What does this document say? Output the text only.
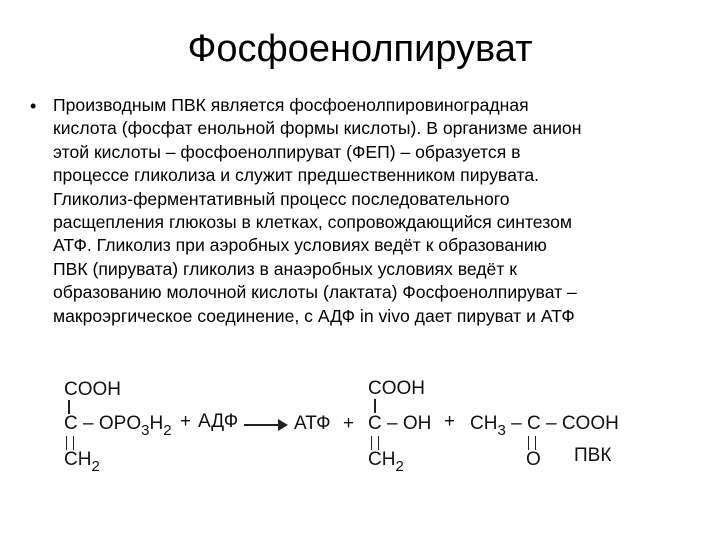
Фосфоенолпируват
• Производным ПВК является фосфоенолпировиноградная
кислота (фосфат енольной формы кислоты). В организме анион
этой кислоты – фосфоенолпируват (ФЕП) – образуется в
процессе гликолиза и служит предшественником пирувата.
Гликолиз-ферментативный процесс последовательного
расщепления глюкозы в клетках, сопровождающийся синтезом
АТФ. Гликолиз при аэробных условиях ведёт к образованию
ПВК (пирувата) гликолиз в анаэробных условиях ведёт к
образованию молочной кислоты (лактата) Фосфоенолпируват –
макроэргическое соединение, с АДФ in vivo дает пируват и АТФ
COOH
C – $OPO_3H_2$
$CH_2$
+ АДФ → АТФ +
COOH
C – OH
$CH_2$
+ $CH_3$ – C – COOH
O ПВК
